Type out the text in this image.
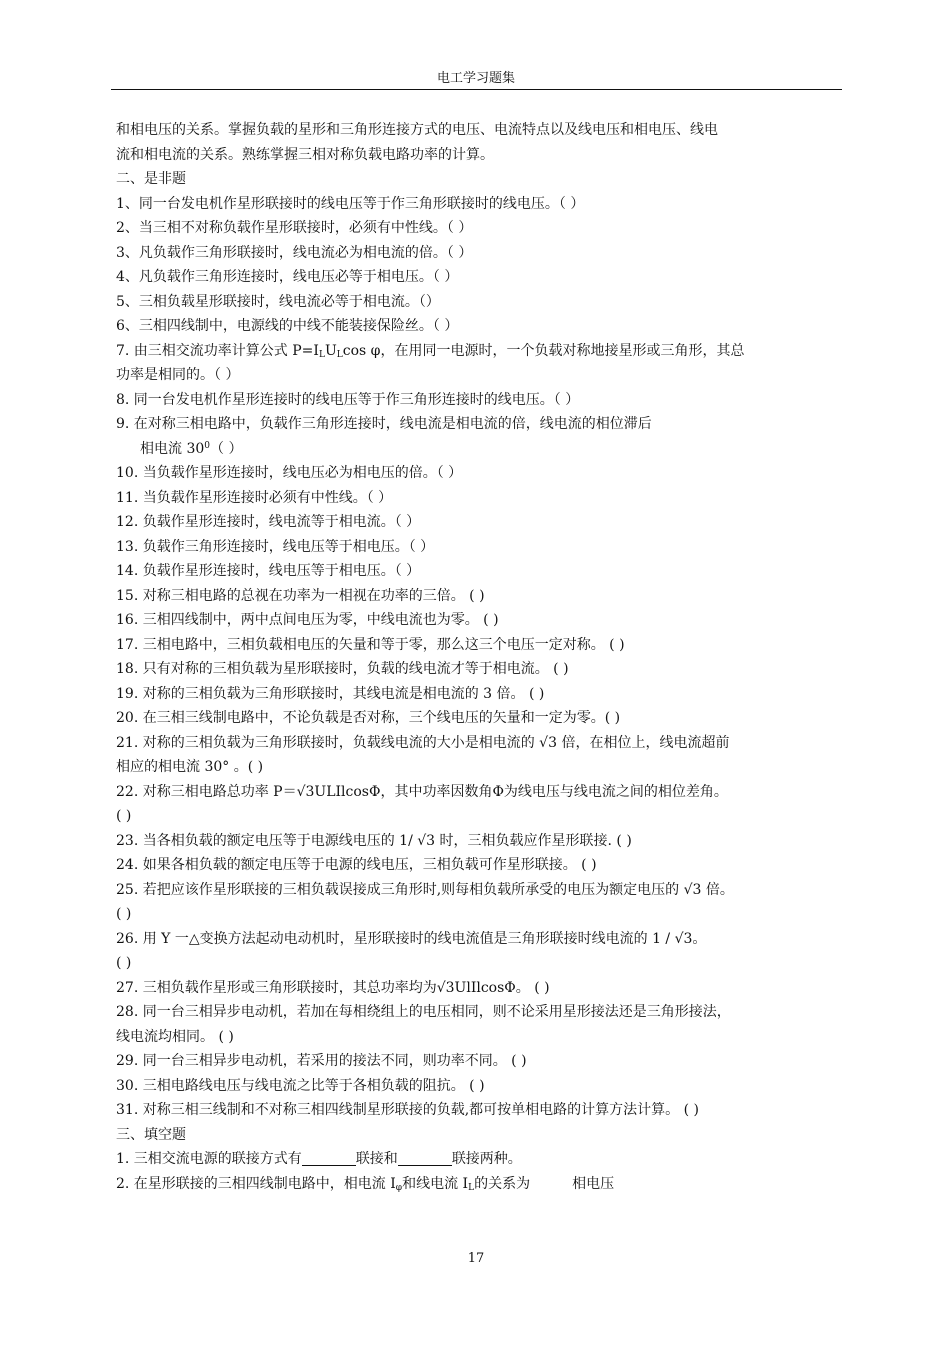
电工学习题集
和相电压的关系。掌握负载的星形和三角形连接方式的电压、电流特点以及线电压和相电压、线电
流和相电流的关系。熟练掌握三相对称负载电路功率的计算。
二、是非题
1、同一台发电机作星形联接时的线电压等于作三角形联接时的线电压。（ ）
2、当三相不对称负载作星形联接时，必须有中性线。（ ）
3、凡负载作三角形联接时，线电流必为相电流的倍。（ ）
4、凡负载作三角形连接时，线电压必等于相电压。（ ）
5、三相负载星形联接时，线电流必等于相电流。（）
6、三相四线制中，电源线的中线不能装接保险丝。（ ）
7. 由三相交流功率计算公式 $P=I_LU_L\cos$ φ，在用同一电源时，一个负载对称地接星形或三角形，其总
功率是相同的。（ ）
8. 同一台发电机作星形连接时的线电压等于作三角形连接时的线电压。（ ）
9. 在对称三相电路中，负载作三角形连接时，线电流是相电流的倍，线电流的相位滞后
相电流 $30^0$（ ）
10. 当负载作星形连接时，线电压必为相电压的倍。（ ）
11. 当负载作星形连接时必须有中性线。（ ）
12. 负载作星形连接时，线电流等于相电流。（ ）
13. 负载作三角形连接时，线电压等于相电压。（ ）
14. 负载作星形连接时，线电压等于相电压。（ ）
15. 对称三相电路的总视在功率为一相视在功率的三倍。 ( )
16. 三相四线制中，两中点间电压为零，中线电流也为零。 ( )
17. 三相电路中，三相负载相电压的矢量和等于零，那么这三个电压一定对称。 ( )
18. 只有对称的三相负载为星形联接时，负载的线电流才等于相电流。 ( )
19. 对称的三相负载为三角形联接时，其线电流是相电流的 3 倍。 ( )
20. 在三相三线制电路中，不论负载是否对称，三个线电压的矢量和一定为零。( )
21. 对称的三相负载为三角形联接时，负载线电流的大小是相电流的 √3 倍，在相位上，线电流超前
相应的相电流 30° 。( )
22. 对称三相电路总功率 P＝√3ULIlcosΦ，其中功率因数角Φ为线电压与线电流之间的相位差角。
( )
23. 当各相负载的额定电压等于电源线电压的 1/ √3 时，三相负载应作星形联接. ( )
24. 如果各相负载的额定电压等于电源的线电压，三相负载可作星形联接。 ( )
25. 若把应该作星形联接的三相负载误接成三角形时,则每相负载所承受的电压为额定电压的 √3 倍。
( )
26. 用 Y 一△变换方法起动电动机时，星形联接时的线电流值是三角形联接时线电流的 1 / √3。
( )
27. 三相负载作星形或三角形联接时，其总功率均为√3UlIlcosΦ。 ( )
28. 同一台三相异步电动机，若加在每相绕组上的电压相同，则不论采用星形接法还是三角形接法，
线电流均相同。 ( )
29. 同一台三相异步电动机，若采用的接法不同，则功率不同。 ( )
30. 三相电路线电压与线电流之比等于各相负载的阻抗。 ( )
31. 对称三相三线制和不对称三相四线制星形联接的负载,都可按单相电路的计算方法计算。 ( )
三、填空题
1. 三相交流电源的联接方式有	联接和	联接两种。
2. 在星形联接的三相四线制电路中，相电流 $I_\varphi$和线电流 $I_L$的关系为	相电压
17
